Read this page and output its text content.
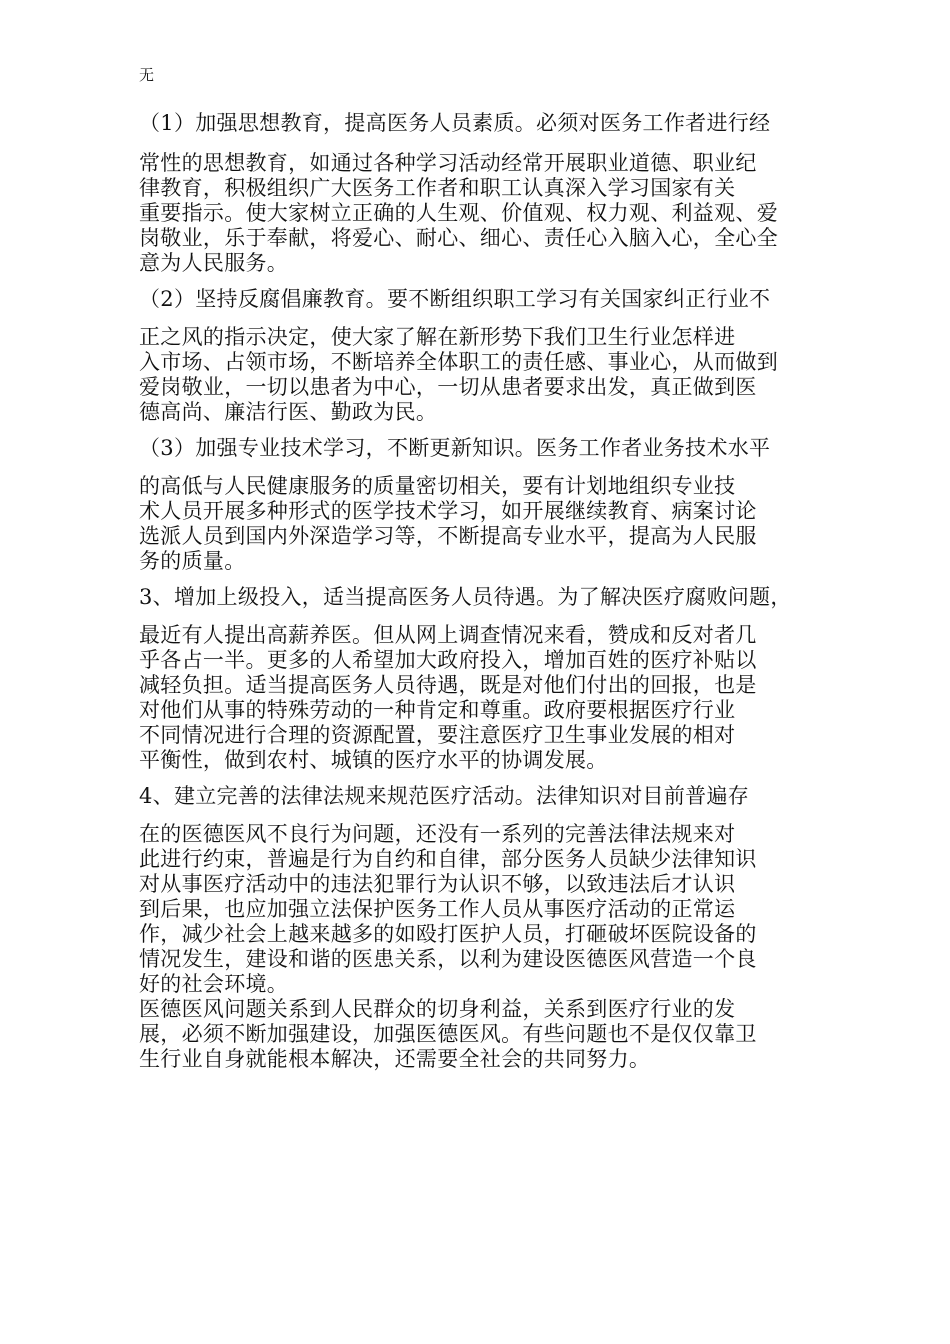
无
（1）加强思想教育，提高医务人员素质。必须对医务工作者进行经
常性的思想教育，如通过各种学习活动经常开展职业道德、职业纪
律教育，积极组织广大医务工作者和职工认真深入学习国家有关
重要指示。使大家树立正确的人生观、价值观、权力观、利益观、爱
岗敬业，乐于奉献，将爱心、耐心、细心、责任心入脑入心，全心全
意为人民服务。
（2）坚持反腐倡廉教育。要不断组织职工学习有关国家纠正行业不
正之风的指示决定，使大家了解在新形势下我们卫生行业怎样进
入市场、占领市场，不断培养全体职工的责任感、事业心，从而做到
爱岗敬业，一切以患者为中心，一切从患者要求出发，真正做到医
德高尚、廉洁行医、勤政为民。
（3）加强专业技术学习，不断更新知识。医务工作者业务技术水平
的高低与人民健康服务的质量密切相关，要有计划地组织专业技
术人员开展多种形式的医学技术学习，如开展继续教育、病案讨论
选派人员到国内外深造学习等，不断提高专业水平，提高为人民服
务的质量。
3、增加上级投入，适当提高医务人员待遇。为了解决医疗腐败问题，
最近有人提出高薪养医。但从网上调查情况来看，赞成和反对者几
乎各占一半。更多的人希望加大政府投入，增加百姓的医疗补贴以
减轻负担。适当提高医务人员待遇，既是对他们付出的回报，也是
对他们从事的特殊劳动的一种肯定和尊重。政府要根据医疗行业
不同情况进行合理的资源配置，要注意医疗卫生事业发展的相对
平衡性，做到农村、城镇的医疗水平的协调发展。
4、建立完善的法律法规来规范医疗活动。法律知识对目前普遍存
在的医德医风不良行为问题，还没有一系列的完善法律法规来对
此进行约束，普遍是行为自约和自律，部分医务人员缺少法律知识
对从事医疗活动中的违法犯罪行为认识不够，以致违法后才认识
到后果，也应加强立法保护医务工作人员从事医疗活动的正常运
作，减少社会上越来越多的如殴打医护人员，打砸破坏医院设备的
情况发生，建设和谐的医患关系，以利为建设医德医风营造一个良
好的社会环境。
医德医风问题关系到人民群众的切身利益，关系到医疗行业的发
展，必须不断加强建设，加强医德医风。有些问题也不是仅仅靠卫
生行业自身就能根本解决，还需要全社会的共同努力。
